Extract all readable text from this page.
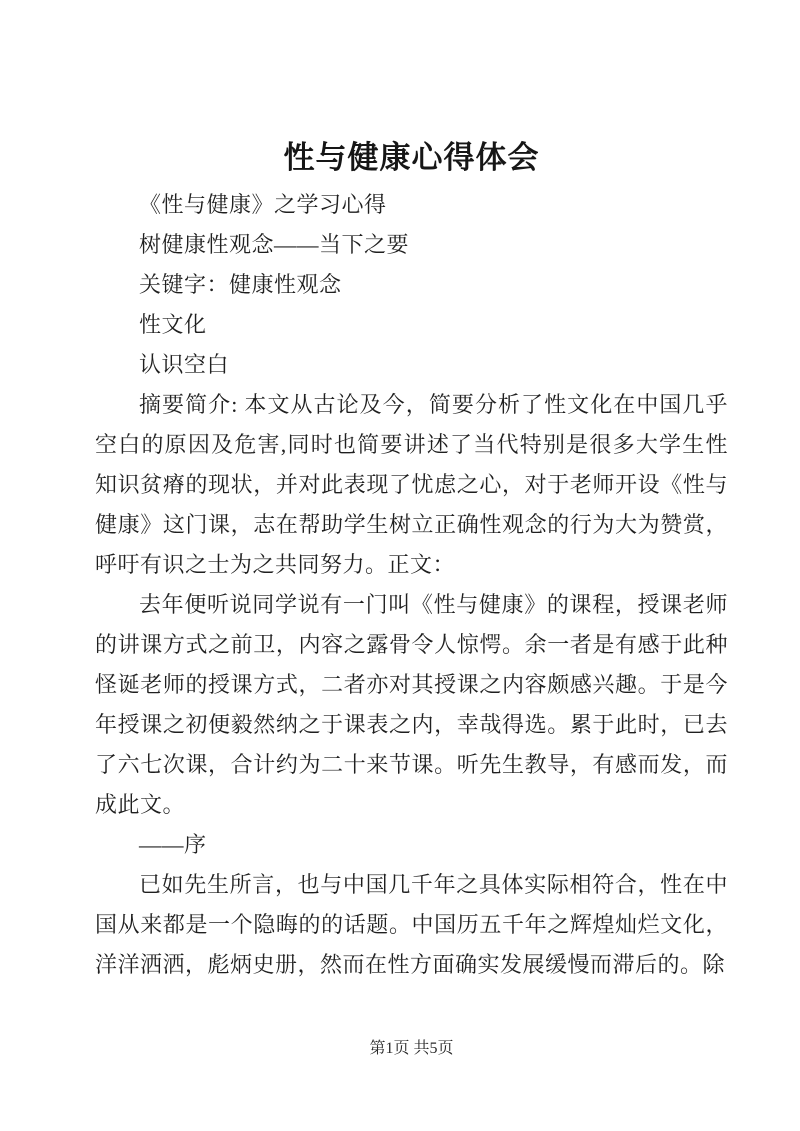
性与健康心得体会

《性与健康》之学习心得

树健康性观念——当下之要

关键字：健康性观念

性文化

认识空白

摘要简介: 本文从古论及今，简要分析了性文化在中国几乎空白的原因及危害,同时也简要讲述了当代特别是很多大学生性知识贫瘠的现状，并对此表现了忧虑之心，对于老师开设《性与健康》这门课，志在帮助学生树立正确性观念的行为大为赞赏，呼吁有识之士为之共同努力。正文：

去年便听说同学说有一门叫《性与健康》的课程，授课老师的讲课方式之前卫，内容之露骨令人惊愕。余一者是有感于此种怪诞老师的授课方式，二者亦对其授课之内容颇感兴趣。于是今年授课之初便毅然纳之于课表之内，幸哉得选。累于此时，已去了六七次课，合计约为二十来节课。听先生教导，有感而发，而成此文。

——序

已如先生所言，也与中国几千年之具体实际相符合，性在中国从来都是一个隐晦的的话题。中国历五千年之辉煌灿烂文化，洋洋洒洒，彪炳史册，然而在性方面确实发展缓慢而滞后的。除

第1页 共5页
